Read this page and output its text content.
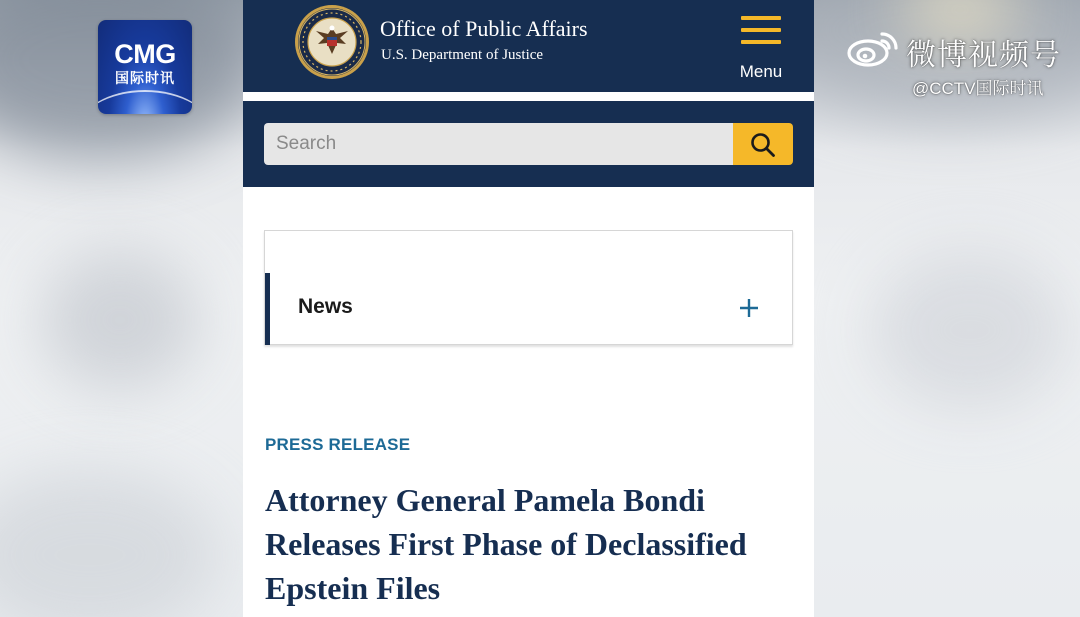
CMG
国际时讯
微博视频号
@CCTV国际时讯
Office of Public Affairs
U.S. Department of Justice
Menu
Search
News
PRESS RELEASE
Attorney General Pamela Bondi Releases First Phase of Declassified Epstein Files
